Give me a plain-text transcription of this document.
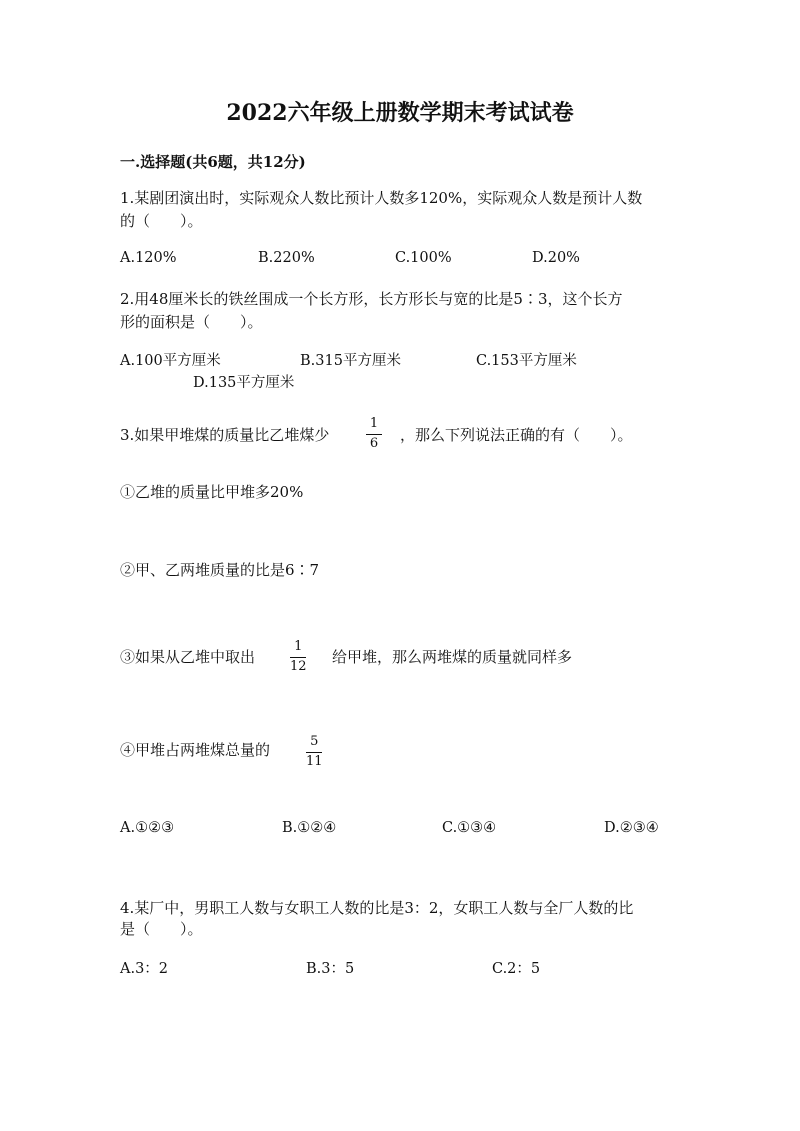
2022六年级上册数学期末考试试卷
一.选择题(共6题，共12分)
1.某剧团演出时，实际观众人数比预计人数多120%，实际观众人数是预计人数
的（　　）。
A.120%	B.220%	C.100%	D.20%
2.用48厘米长的铁丝围成一个长方形，长方形长与宽的比是5∶3，这个长方
形的面积是（　　）。
A.100平方厘米	B.315平方厘米	C.153平方厘米
D.135平方厘米
3.如果甲堆煤的质量比乙堆煤少
1
6 ，那么下列说法正确的有（　　）。
①乙堆的质量比甲堆多20%
②甲、乙两堆质量的比是6∶7
③如果从乙堆中取出
1
12
给甲堆，那么两堆煤的质量就同样多
④甲堆占两堆煤总量的	5
11
A.①②③	B.①②④	C.①③④	D.②③④
4.某厂中，男职工人数与女职工人数的比是3：2，女职工人数与全厂人数的比
是（　　）。
A.3：2	B.3：5	C.2：5
